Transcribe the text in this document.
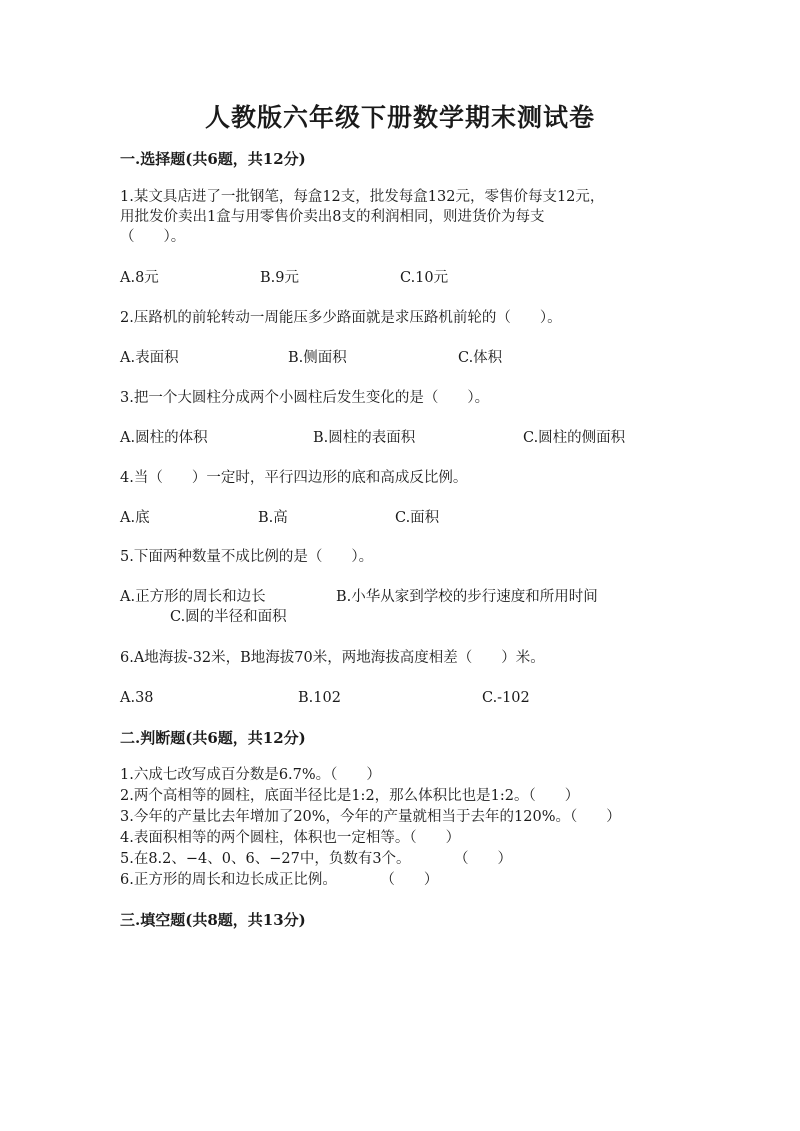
人教版六年级下册数学期末测试卷
一.选择题(共6题，共12分)
1.某文具店进了一批钢笔，每盒12支，批发每盒132元，零售价每支12元，
用批发价卖出1盒与用零售价卖出8支的利润相同，则进货价为每支
（　　）。
A.8元	B.9元	C.10元
2.压路机的前轮转动一周能压多少路面就是求压路机前轮的（　　）。
A.表面积	B.侧面积	C.体积
3.把一个大圆柱分成两个小圆柱后发生变化的是（　　）。
A.圆柱的体积	B.圆柱的表面积	C.圆柱的侧面积
4.当（　　）一定时，平行四边形的底和高成反比例。
A.底	B.高	C.面积
5.下面两种数量不成比例的是（　　）。
A.正方形的周长和边长	B.小华从家到学校的步行速度和所用时间
C.圆的半径和面积
6.A地海拔-32米，B地海拔70米，两地海拔高度相差（　　）米。
A.38	B.102	C.-102
二.判断题(共6题，共12分)
1.六成七改写成百分数是6.7%。（　　）
2.两个高相等的圆柱，底面半径比是1:2，那么体积比也是1:2。（　　）
3.今年的产量比去年增加了20%，今年的产量就相当于去年的120%。（　　）
4.表面积相等的两个圆柱，体积也一定相等。（　　）
5.在8.2、−4、0、6、−27中，负数有3个。　　　　（　　）
6.正方形的周长和边长成正比例。　　　　（　　）
三.填空题(共8题，共13分)
